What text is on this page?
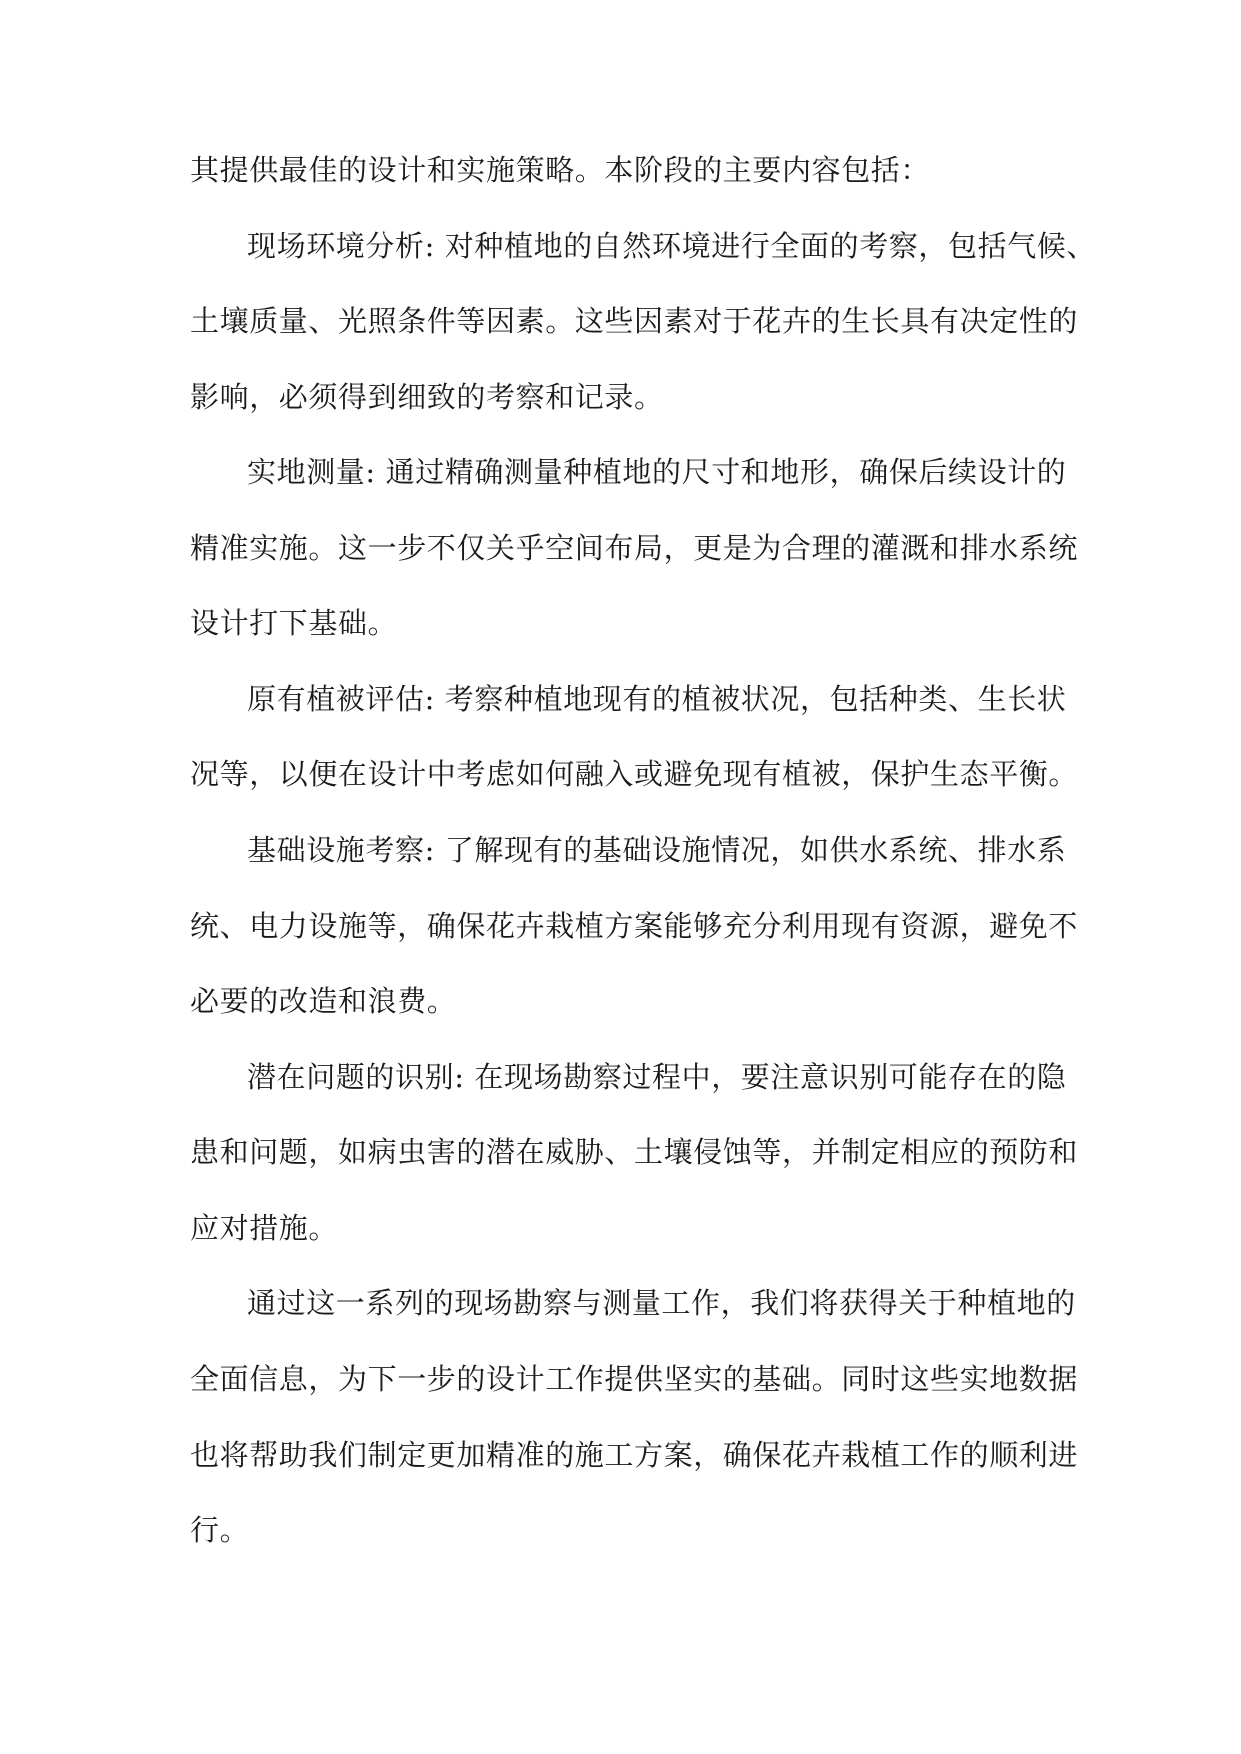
其提供最佳的设计和实施策略。本阶段的主要内容包括：
现场环境分析: 对种植地的自然环境进行全面的考察，包括气候、
土壤质量、光照条件等因素。这些因素对于花卉的生长具有决定性的
影响，必须得到细致的考察和记录。
实地测量: 通过精确测量种植地的尺寸和地形，确保后续设计的
精准实施。这一步不仅关乎空间布局，更是为合理的灌溉和排水系统
设计打下基础。
原有植被评估: 考察种植地现有的植被状况，包括种类、生长状
况等，以便在设计中考虑如何融入或避免现有植被，保护生态平衡。
基础设施考察: 了解现有的基础设施情况，如供水系统、排水系
统、电力设施等，确保花卉栽植方案能够充分利用现有资源，避免不
必要的改造和浪费。
潜在问题的识别: 在现场勘察过程中，要注意识别可能存在的隐
患和问题，如病虫害的潜在威胁、土壤侵蚀等，并制定相应的预防和
应对措施。
通过这一系列的现场勘察与测量工作，我们将获得关于种植地的
全面信息，为下一步的设计工作提供坚实的基础。同时这些实地数据
也将帮助我们制定更加精准的施工方案，确保花卉栽植工作的顺利进
行。
